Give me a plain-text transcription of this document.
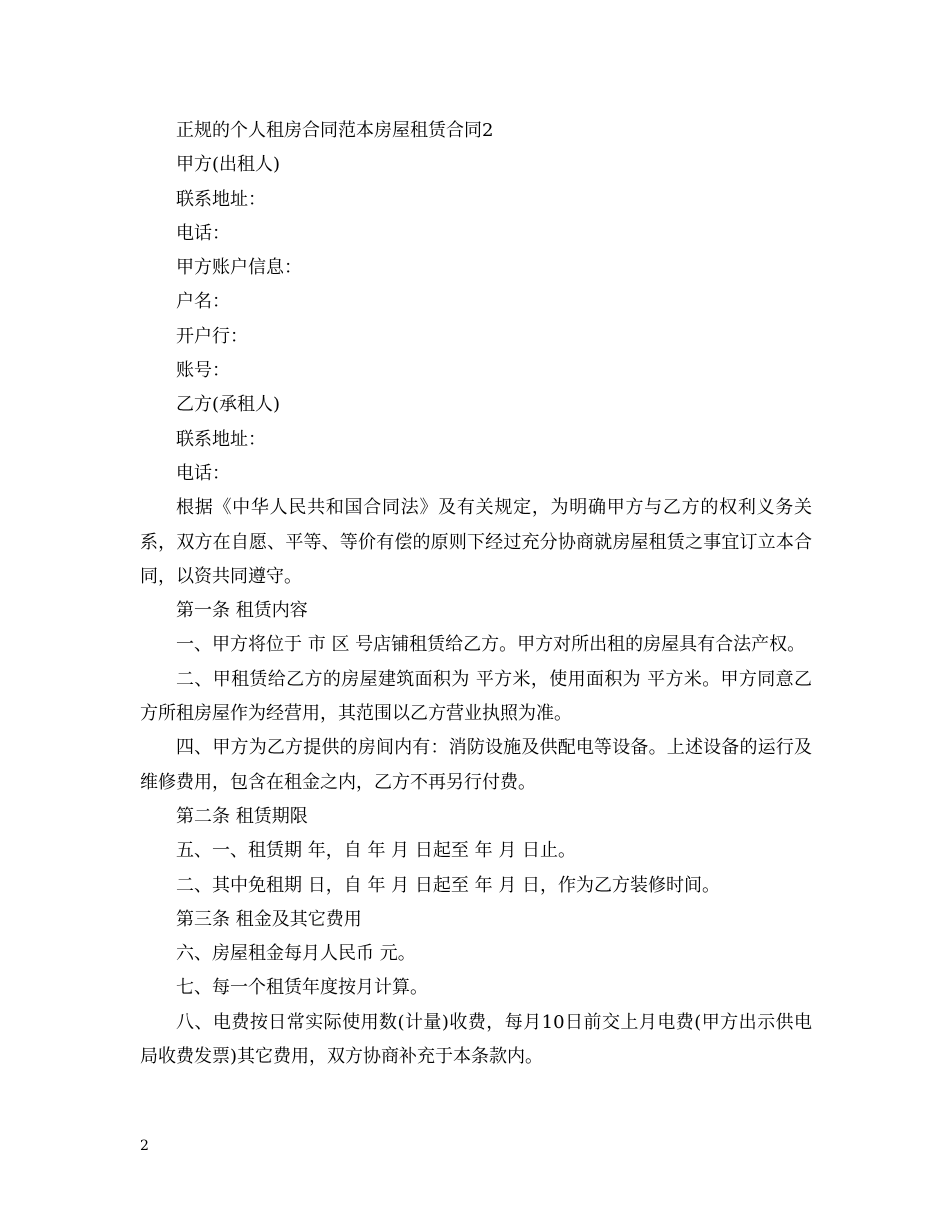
正规的个人租房合同范本房屋租赁合同2

甲方(出租人)

联系地址：

电话：

甲方账户信息：

户名：

开户行：

账号：

乙方(承租人)

联系地址：

电话：

根据《中华人民共和国合同法》及有关规定，为明确甲方与乙方的权利义务关系，双方在自愿、平等、等价有偿的原则下经过充分协商就房屋租赁之事宜订立本合同，以资共同遵守。

第一条 租赁内容

一、甲方将位于 市 区 号店铺租赁给乙方。甲方对所出租的房屋具有合法产权。

二、甲租赁给乙方的房屋建筑面积为 平方米，使用面积为 平方米。甲方同意乙方所租房屋作为经营用，其范围以乙方营业执照为准。

四、甲方为乙方提供的房间内有：消防设施及供配电等设备。上述设备的运行及维修费用，包含在租金之内，乙方不再另行付费。

第二条 租赁期限

五、一、租赁期 年，自 年 月 日起至 年 月 日止。

二、其中免租期 日，自 年 月 日起至 年 月 日，作为乙方装修时间。

第三条 租金及其它费用

六、房屋租金每月人民币 元。

七、每一个租赁年度按月计算。

八、电费按日常实际使用数(计量)收费，每月10日前交上月电费(甲方出示供电局收费发票)其它费用，双方协商补充于本条款内。

2
